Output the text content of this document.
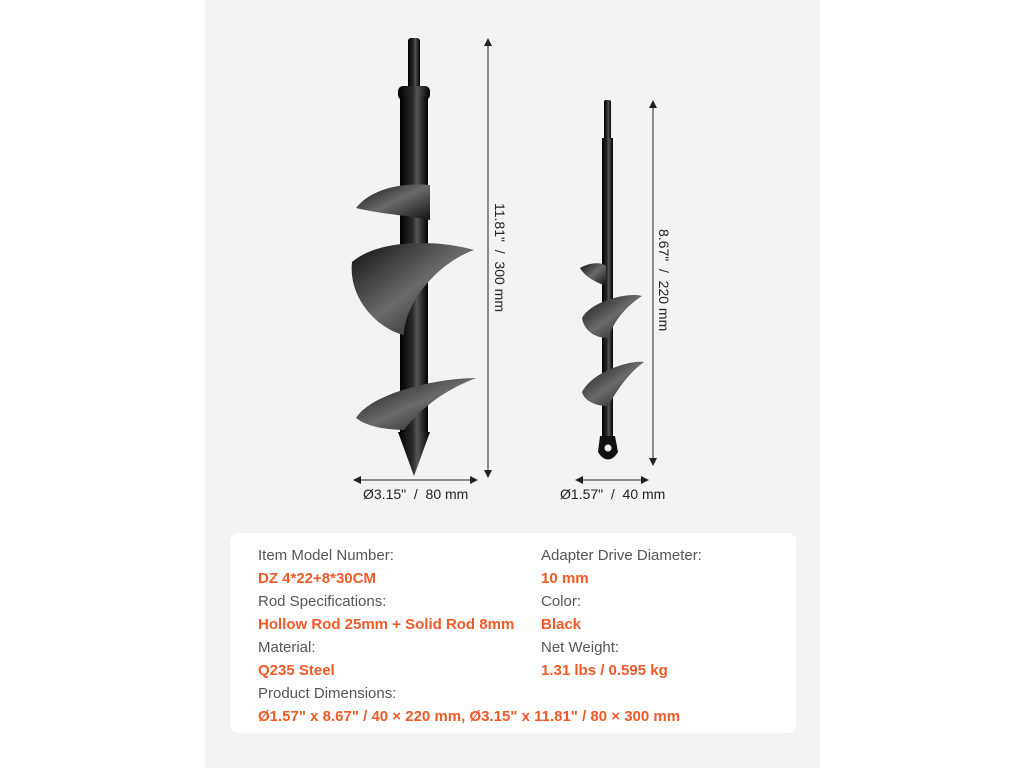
11.81"  /  300 mm
Ø3.15"  /  80 mm
8.67"  /  220 mm
Ø1.57"  /  40 mm
Item Model Number:
DZ 4*22+8*30CM
Rod Specifications:
Hollow Rod 25mm + Solid Rod 8mm
Material:
Q235 Steel
Product Dimensions:
Ø1.57" x 8.67" / 40 × 220 mm, Ø3.15" x 11.81" / 80 × 300 mm
Adapter Drive Diameter:
10 mm
Color:
Black
Net Weight:
1.31 lbs / 0.595 kg
